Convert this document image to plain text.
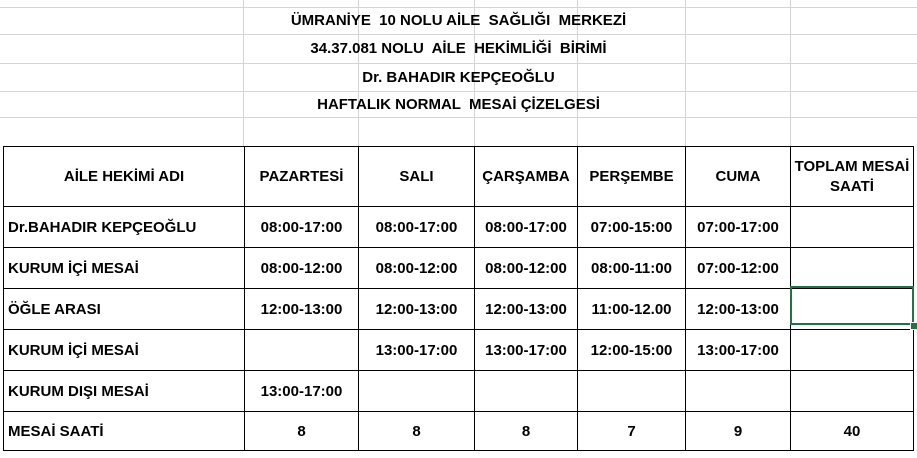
ÜMRANİYE  10 NOLU AİLE  SAĞLIĞI  MERKEZİ
34.37.081 NOLU  AİLE  HEKİMLİĞİ  BİRİMİ
Dr. BAHADIR KEPÇEOĞLU
HAFTALIK NORMAL  MESAİ ÇİZELGESİ
AİLE HEKİMİ ADI	PAZARTESİ	SALI	ÇARŞAMBA	PERŞEMBE	CUMA	TOPLAM MESAİ SAATİ
Dr.BAHADIR KEPÇEOĞLU	08:00-17:00	08:00-17:00	08:00-17:00	07:00-15:00	07:00-17:00	
KURUM İÇİ MESAİ	08:00-12:00	08:00-12:00	08:00-12:00	08:00-11:00	07:00-12:00	
ÖĞLE ARASI	12:00-13:00	12:00-13:00	12:00-13:00	11:00-12.00	12:00-13:00	
KURUM İÇİ MESAİ		13:00-17:00	13:00-17:00	12:00-15:00	13:00-17:00	
KURUM DIŞI MESAİ	13:00-17:00					
MESAİ SAATİ	8	8	8	7	9	40
